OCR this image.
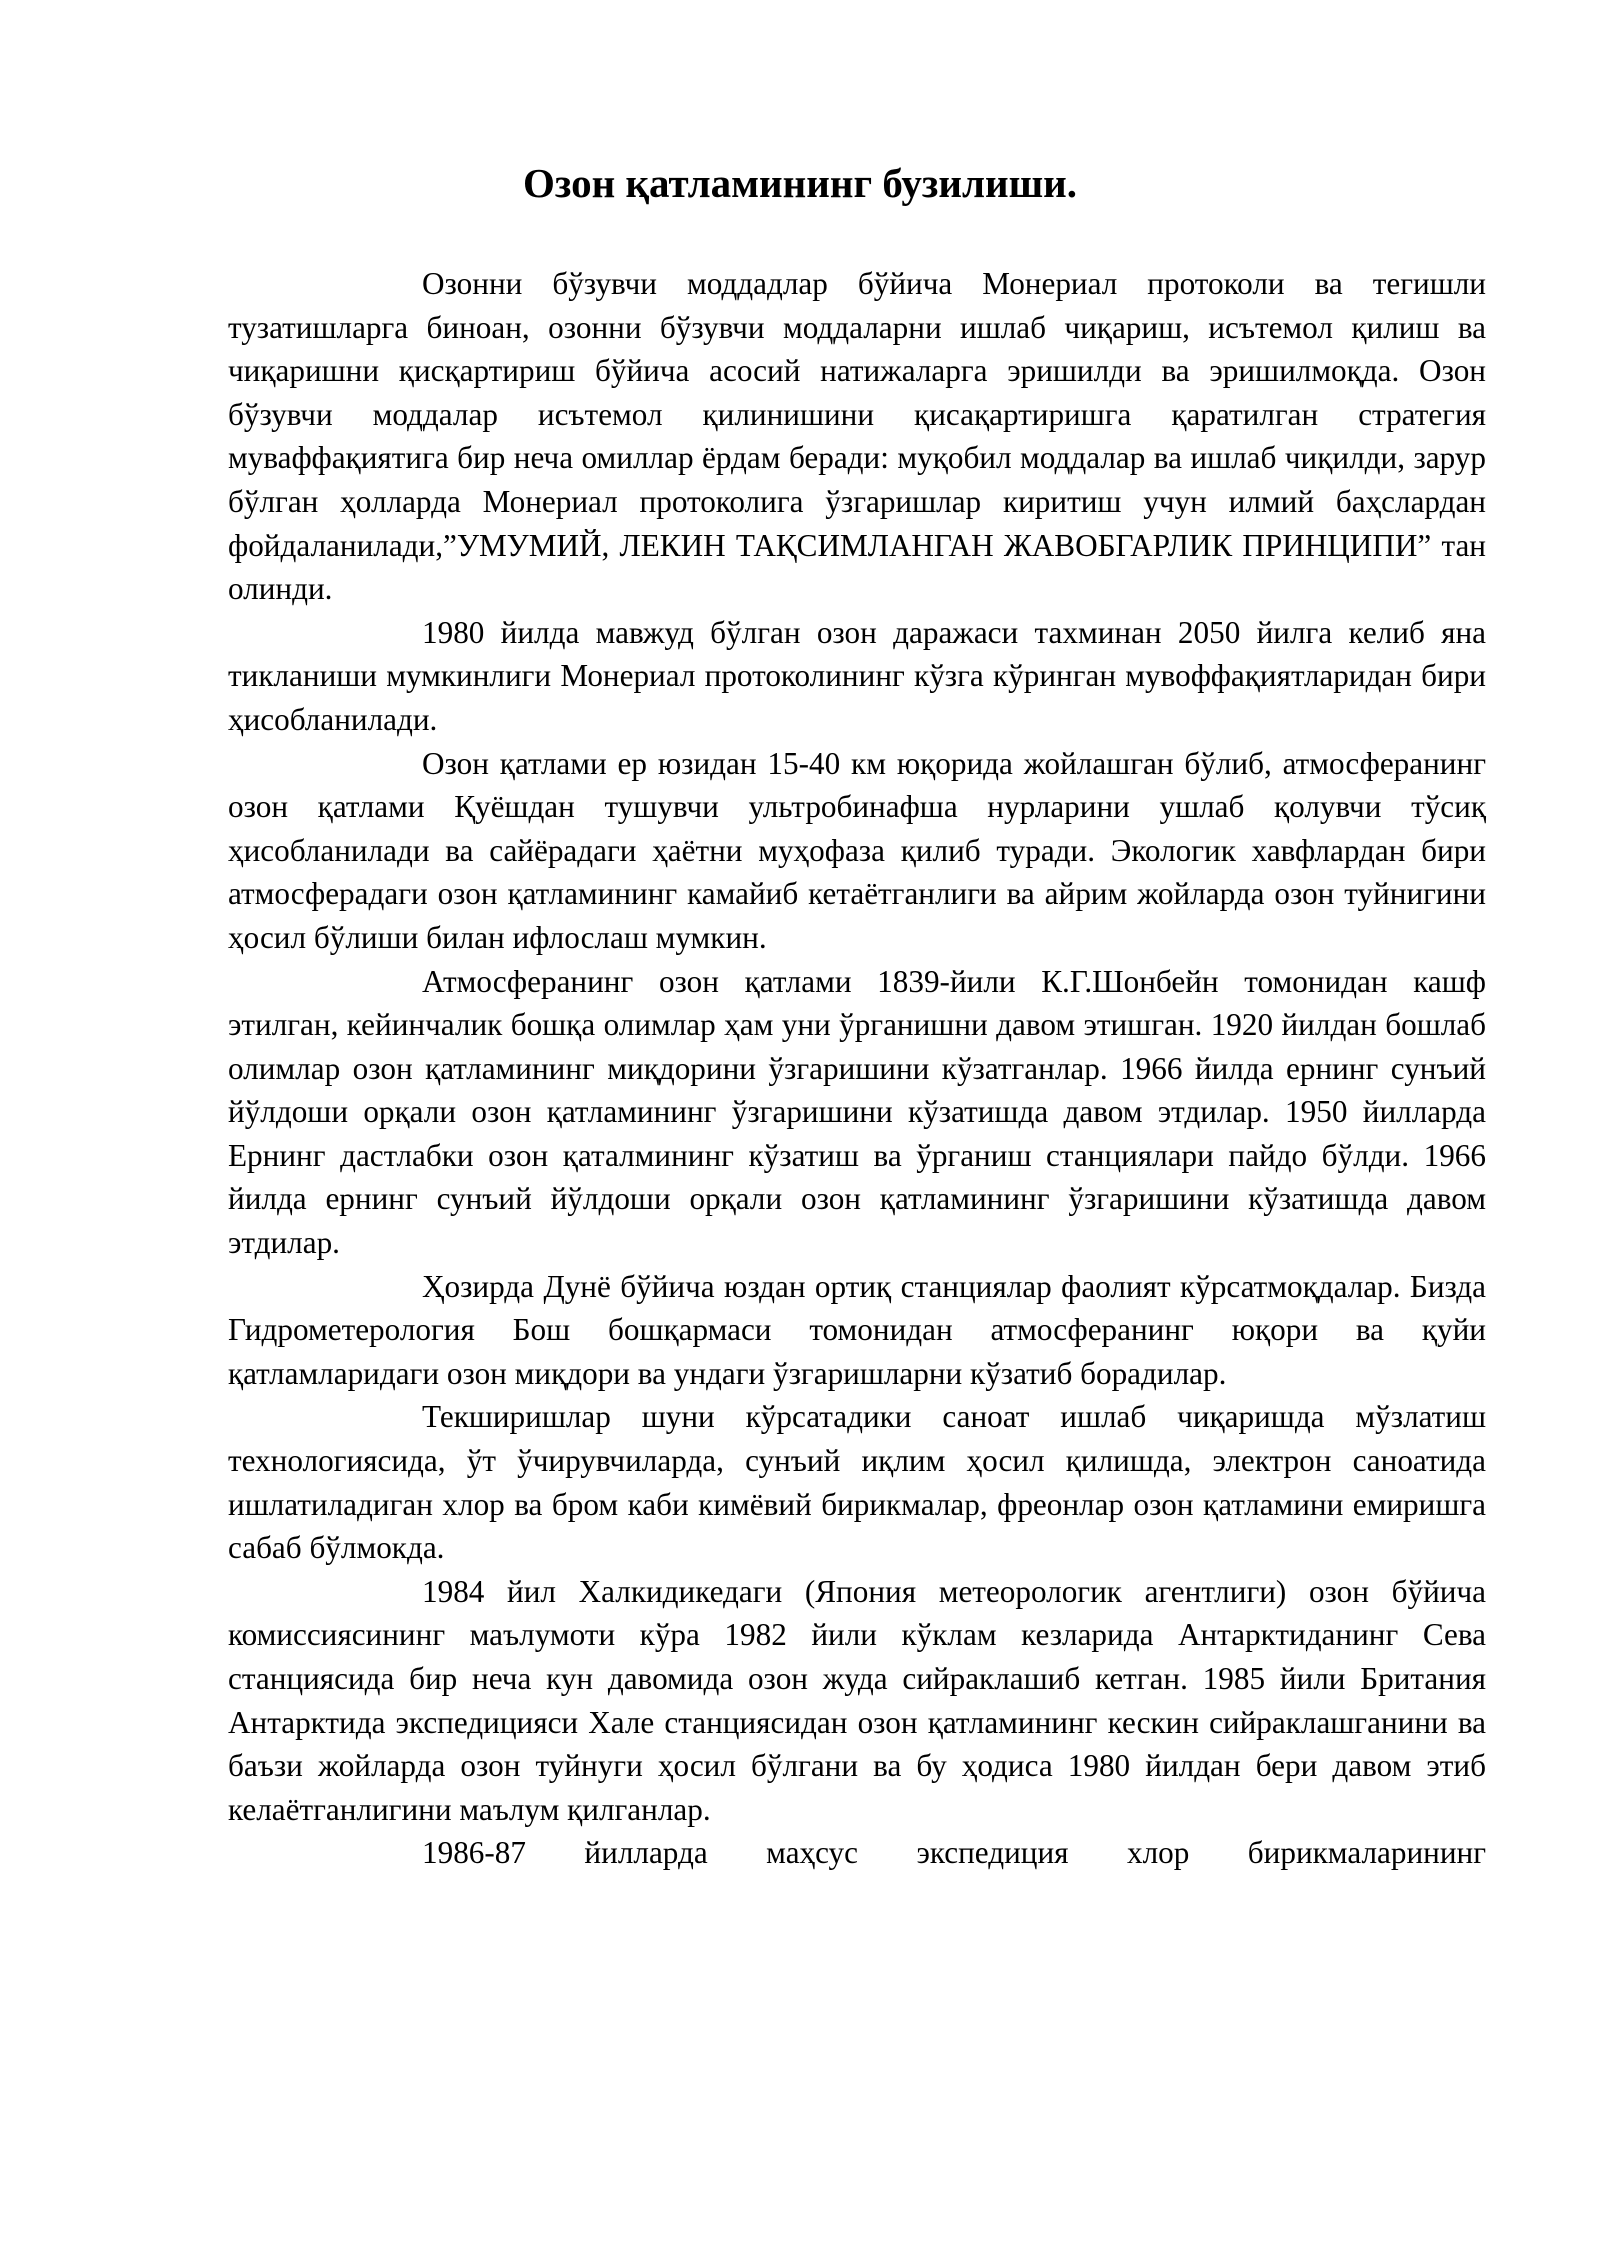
Озон қатламининг бузилиши.

Озонни бўзувчи моддадлар бўйича Монериал протоколи ва тегишли тузатишларга биноан, озонни бўзувчи моддаларни ишлаб чиқариш, исътемол қилиш ва чиқаришни қисқартириш бўйича асосий натижаларга эришилди ва эришилмоқда. Озон бўзувчи моддалар исътемол қилинишини қисақартиришга қаратилган стратегия муваффақиятига бир неча омиллар ёрдам беради: муқобил моддалар ва ишлаб чиқилди, зарур бўлган ҳолларда Монериал протоколига ўзгаришлар киритиш учун илмий баҳслардан фойдаланилади,”УМУМИЙ, ЛЕКИН ТАҚСИМЛАНГАН ЖАВОБГАРЛИК ПРИНЦИПИ” тан олинди.

1980 йилда мавжуд бўлган озон даражаси тахминан 2050 йилга келиб яна тикланиши мумкинлиги Монериал протоколининг кўзга кўринган мувоффақиятларидан бири ҳисобланилади.

Озон қатлами ер юзидан 15-40 км юқорида жойлашган бўлиб, атмосферанинг озон қатлами Қуёшдан тушувчи ультробинафша нурларини ушлаб қолувчи тўсиқ ҳисобланилади ва сайёрадаги ҳаётни муҳофаза қилиб туради. Экологик хавфлардан бири атмосферадаги озон қатламининг камайиб кетаётганлиги ва айрим жойларда озон туйнигини ҳосил бўлиши билан ифлослаш мумкин.

Атмосферанинг озон қатлами 1839-йили К.Г.Шонбейн томонидан кашф этилган, кейинчалик бошқа олимлар ҳам уни ўрганишни давом этишган. 1920 йилдан бошлаб олимлар озон қатламининг миқдорини ўзгаришини кўзатганлар. 1966 йилда ернинг сунъий йўлдоши орқали озон қатламининг ўзгаришини кўзатишда давом этдилар. 1950 йилларда Ернинг дастлабки озон қаталмининг кўзатиш ва ўрганиш станциялари пайдо бўлди. 1966 йилда ернинг сунъий йўлдоши орқали озон қатламининг ўзгаришини кўзатишда давом этдилар.

Ҳозирда Дунё бўйича юздан ортиқ станциялар фаолият кўрсатмоқдалар. Бизда Гидрометерология Бош бошқармаси томонидан атмосферанинг юқори ва қуйи қатламларидаги озон миқдори ва ундаги ўзгаришларни кўзатиб борадилар.

Текширишлар шуни кўрсатадики саноат ишлаб чиқаришда мўзлатиш технологиясида, ўт ўчирувчиларда, сунъий иқлим ҳосил қилишда, электрон саноатида ишлатиладиган хлор ва бром каби кимёвий бирикмалар, фреонлар озон қатламини емиришга сабаб бўлмокда.

1984 йил Халкидикедаги (Япония метеорологик агентлиги) озон бўйича комиссиясининг маълумоти кўра 1982 йили кўклам кезларида Антарктиданинг Сева станциясида бир неча кун давомида озон жуда сийраклашиб кетган. 1985 йили Британия Антарктида экспедицияси Хале станциясидан озон қатламининг кескин сийраклашганини ва баъзи жойларда озон туйнуги ҳосил бўлгани ва бу ҳодиса 1980 йилдан бери давом этиб келаётганлигини маълум қилганлар.

1986-87 йилларда маҳсус экспедиция хлор бирикмаларининг
